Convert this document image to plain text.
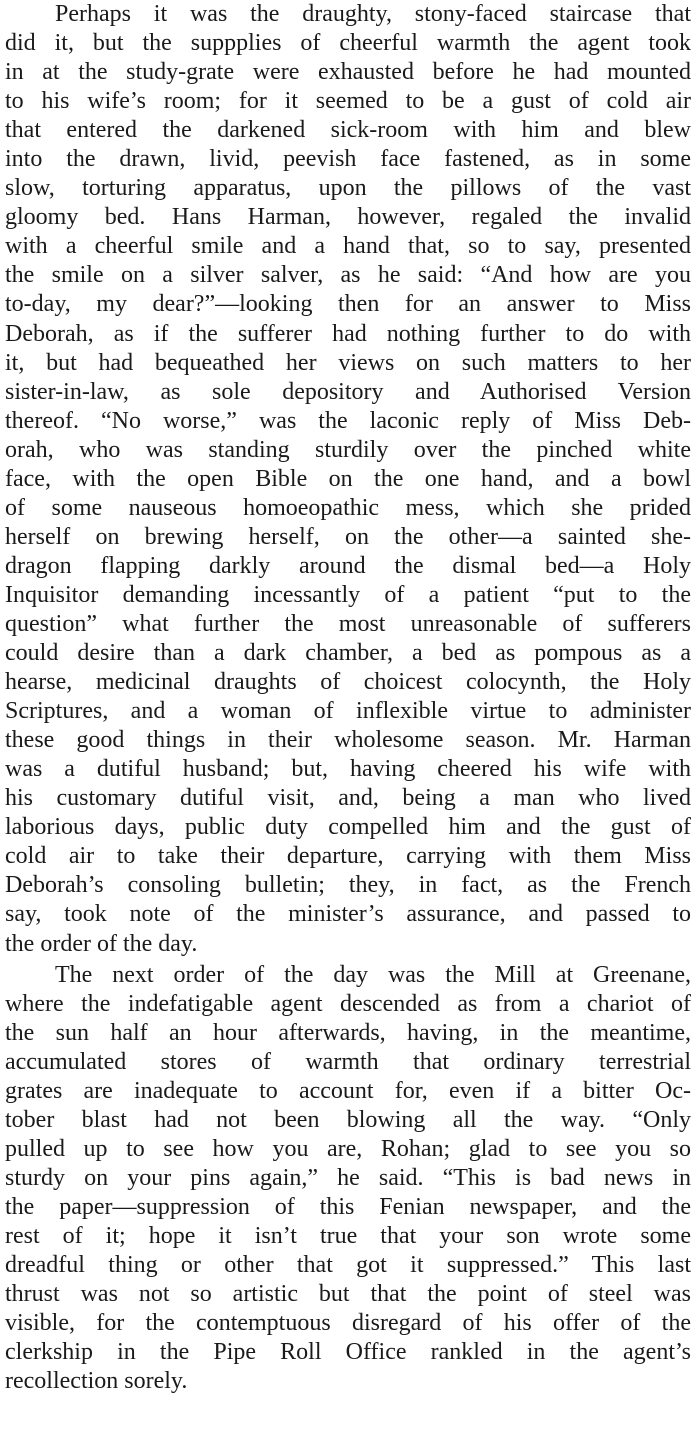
Perhaps it was the draughty, stony-faced staircase that
did it, but the suppplies of cheerful warmth the agent took
in at the study-grate were exhausted before he had mounted
to his wife’s room; for it seemed to be a gust of cold air
that entered the darkened sick-room with him and blew
into the drawn, livid, peevish face fastened, as in some
slow, torturing apparatus, upon the pillows of the vast
gloomy bed. Hans Harman, however, regaled the invalid
with a cheerful smile and a hand that, so to say, presented
the smile on a silver salver, as he said: “And how are you
to-day, my dear?”—looking then for an answer to Miss
Deborah, as if the sufferer had nothing further to do with
it, but had bequeathed her views on such matters to her
sister-in-law, as sole depository and Authorised Version
thereof. “No worse,” was the laconic reply of Miss Deb-
orah, who was standing sturdily over the pinched white
face, with the open Bible on the one hand, and a bowl
of some nauseous homoeopathic mess, which she prided
herself on brewing herself, on the other—a sainted she-
dragon flapping darkly around the dismal bed—a Holy
Inquisitor demanding incessantly of a patient “put to the
question” what further the most unreasonable of sufferers
could desire than a dark chamber, a bed as pompous as a
hearse, medicinal draughts of choicest colocynth, the Holy
Scriptures, and a woman of inflexible virtue to administer
these good things in their wholesome season. Mr. Harman
was a dutiful husband; but, having cheered his wife with
his customary dutiful visit, and, being a man who lived
laborious days, public duty compelled him and the gust of
cold air to take their departure, carrying with them Miss
Deborah’s consoling bulletin; they, in fact, as the French
say, took note of the minister’s assurance, and passed to
the order of the day.
The next order of the day was the Mill at Greenane,
where the indefatigable agent descended as from a chariot of
the sun half an hour afterwards, having, in the meantime,
accumulated stores of warmth that ordinary terrestrial
grates are inadequate to account for, even if a bitter Oc-
tober blast had not been blowing all the way. “Only
pulled up to see how you are, Rohan; glad to see you so
sturdy on your pins again,” he said. “This is bad news in
the paper—suppression of this Fenian newspaper, and the
rest of it; hope it isn’t true that your son wrote some
dreadful thing or other that got it suppressed.” This last
thrust was not so artistic but that the point of steel was
visible, for the contemptuous disregard of his offer of the
clerkship in the Pipe Roll Office rankled in the agent’s
recollection sorely.
